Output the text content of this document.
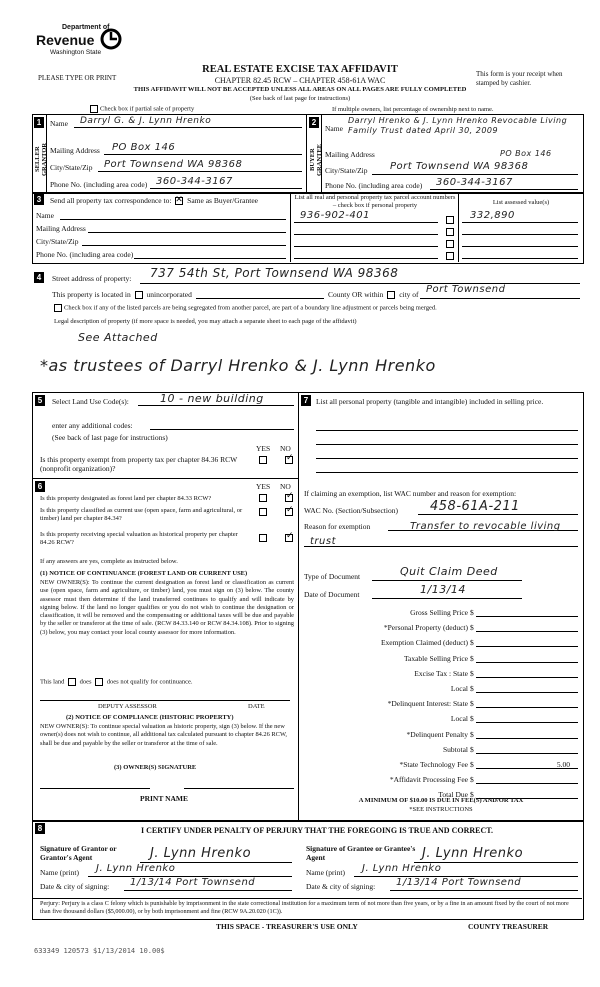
Department of
Revenue
Washington State
REAL ESTATE EXCISE TAX AFFIDAVIT
CHAPTER 82.45 RCW – CHAPTER 458-61A WAC
THIS AFFIDAVIT WILL NOT BE ACCEPTED UNLESS ALL AREAS ON ALL PAGES ARE FULLY COMPLETED
(See back of last page for instructions)
PLEASE TYPE OR PRINT	This form is your receipt when stamped by cashier.
Check box if partial sale of property	If multiple owners, list percentage of ownership next to name.
1
SELLER GRANTOR
Name Darryl G. & J. Lynn Hrenko
Mailing Address PO Box 146
City/State/Zip Port Townsend WA 98368
Phone No. (including area code) 360-344-3167
2
BUYER GRANTEE
Name
Darryl Hrenko & J. Lynn Hrenko Revocable Living Family Trust dated April 30, 2009
Mailing Address	PO Box 146
City/State/Zip Port Townsend WA 98368
Phone No. (including area code) 360-344-3167
3	Send all property tax correspondence to: ✕ Same as Buyer/Grantee
Name
Mailing Address
City/State/Zip
Phone No. (including area code)
List all real and personal property tax parcel account numbers – check box if personal property	List assessed value(s)
936-902-401	332,890
4	Street address of property: 737 54th St, Port Townsend WA 98368
This property is located in unincorporated	County OR within city of Port Townsend
Check box if any of the listed parcels are being segregated from another parcel, are part of a boundary line adjustment or parcels being merged.
Legal description of property (if more space is needed, you may attach a separate sheet to each page of the affidavit)
See Attached
*as trustees of Darryl Hrenko & J. Lynn Hrenko
5	Select Land Use Code(s):	10 - new building
enter any additional codes:
(See back of last page for instructions)
YES NO
Is this property exempt from property tax per chapter 84.36 RCW (nonprofit organization)?
✓
6	YES NO
Is this property designated as forest land per chapter 84.33 RCW?	✓
Is this property classified as current use (open space, farm and agricultural, or timber) land per chapter 84.34?
✓
Is this property receiving special valuation as historical property per chapter 84.26 RCW?
✓
If any answers are yes, complete as instructed below.
(1) NOTICE OF CONTINUANCE (FOREST LAND OR CURRENT USE)
NEW OWNER(S): To continue the current designation as forest land or classification as current use (open space, farm and agriculture, or timber) land, you must sign on (3) below. The county assessor must then determine if the land transferred continues to qualify and will indicate by signing below. If the land no longer qualifies or you do not wish to continue the designation or classification, it will be removed and the compensating or additional taxes will be due and payable by the seller or transferor at the time of sale. (RCW 84.33.140 or RCW 84.34.108). Prior to signing (3) below, you may contact your local county assessor for more information.
This land does does not qualify for continuance.
DEPUTY ASSESSOR	DATE
(2) NOTICE OF COMPLIANCE (HISTORIC PROPERTY)
NEW OWNER(S): To continue special valuation as historic property, sign (3) below. If the new owner(s) does not wish to continue, all additional tax calculated pursuant to chapter 84.26 RCW, shall be due and payable by the seller or transferor at the time of sale.
(3) OWNER(S) SIGNATURE
PRINT NAME
7	List all personal property (tangible and intangible) included in selling price.
If claiming an exemption, list WAC number and reason for exemption:
WAC No. (Section/Subsection) 458-61A-211
Reason for exemption	Transfer to revocable living trust
Type of Document	Quit Claim Deed
Date of Document	1/13/14
Gross Selling Price $
*Personal Property (deduct) $
Exemption Claimed (deduct) $
Taxable Selling Price $
Excise Tax : State $
Local $
*Delinquent Interest: State $
Local $
*Delinquent Penalty $
Subtotal $
*State Technology Fee $	5.00
*Affidavit Processing Fee $
Total Due $
A MINIMUM OF $10.00 IS DUE IN FEE(S) AND/OR TAX
*SEE INSTRUCTIONS
8	I CERTIFY UNDER PENALTY OF PERJURY THAT THE FOREGOING IS TRUE AND CORRECT.
Signature of Grantor or Grantor's Agent	J. Lynn Hrenko
Name (print) J. Lynn Hrenko
Date & city of signing: 1/13/14 Port Townsend
Signature of Grantee or Grantee's Agent	J. Lynn Hrenko
Name (print) J. Lynn Hrenko
Date & city of signing: 1/13/14 Port Townsend
Perjury: Perjury is a class C felony which is punishable by imprisonment in the state correctional institution for a maximum term of not more than five years, or by a fine in an amount fixed by the court of not more than five thousand dollars ($5,000.00), or by both imprisonment and fine (RCW 9A.20.020 (1C)).
THIS SPACE - TREASURER'S USE ONLY	COUNTY TREASURER
633349 120573 $1/13/2014 10.00$
